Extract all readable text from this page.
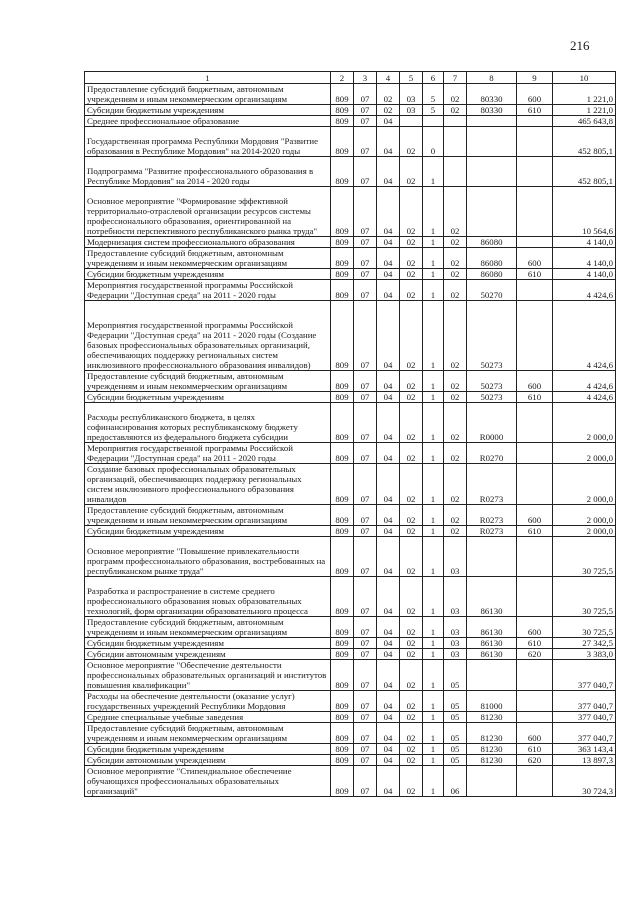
216
1	2	3	4	5	6	7	8	9	10
Предоставление субсидий бюджетным, автономным учреждениям и иным некоммерческим организациям	809	07	02	03	5	02	80330	600	1 221,0
Субсидии бюджетным учреждениям	809	07	02	03	5	02	80330	610	1 221,0
Среднее профессиональное образование	809	07	04						465 643,8
Государственная программа Республики Мордовия "Развитие образования в Республике Мордовия" на 2014-2020 годы	809	07	04	02	0				452 805,1
Подпрограмма "Развитие профессионального образования в Республике Мордовия" на 2014 - 2020 годы	809	07	04	02	1				452 805,1
Основное мероприятие "Формирование эффективной территориально-отраслевой организации ресурсов системы профессионального образования, ориентированной на потребности перспективного республиканского рынка труда"	809	07	04	02	1	02			10 564,6
Модернизация систем профессионального образования	809	07	04	02	1	02	86080		4 140,0
Предоставление субсидий бюджетным, автономным учреждениям и иным некоммерческим организациям	809	07	04	02	1	02	86080	600	4 140,0
Субсидии бюджетным учреждениям	809	07	04	02	1	02	86080	610	4 140,0
Мероприятия государственной программы Российской Федерации "Доступная среда" на 2011 - 2020 годы	809	07	04	02	1	02	50270		4 424,6
Мероприятия государственной программы Российской Федерации "Доступная среда" на 2011 - 2020 годы (Создание базовых профессиональных образовательных организаций, обеспечивающих поддержку региональных систем инклюзивного профессионального образования инвалидов)	809	07	04	02	1	02	50273		4 424,6
Предоставление субсидий бюджетным, автономным учреждениям и иным некоммерческим организациям	809	07	04	02	1	02	50273	600	4 424,6
Субсидии бюджетным учреждениям	809	07	04	02	1	02	50273	610	4 424,6
Расходы республиканского бюджета, в целях софинансирования которых республиканскому бюджету предоставляются из федерального бюджета субсидии	809	07	04	02	1	02	R0000		2 000,0
Мероприятия государственной программы Российской Федерации "Доступная среда" на 2011 - 2020 годы	809	07	04	02	1	02	R0270		2 000,0
Создание базовых профессиональных образовательных организаций, обеспечивающих поддержку региональных систем инклюзивного профессионального образования инвалидов	809	07	04	02	1	02	R0273		2 000,0
Предоставление субсидий бюджетным, автономным учреждениям и иным некоммерческим организациям	809	07	04	02	1	02	R0273	600	2 000,0
Субсидии бюджетным учреждениям	809	07	04	02	1	02	R0273	610	2 000,0
Основное мероприятие "Повышение привлекательности программ профессионального образования, востребованных на республиканском рынке труда"	809	07	04	02	1	03			30 725,5
Разработка и распространение в системе среднего профессионального образования новых образовательных технологий, форм организации образовательного процесса	809	07	04	02	1	03	86130		30 725,5
Предоставление субсидий бюджетным, автономным учреждениям и иным некоммерческим организациям	809	07	04	02	1	03	86130	600	30 725,5
Субсидии бюджетным учреждениям	809	07	04	02	1	03	86130	610	27 342,5
Субсидии автономным учреждениям	809	07	04	02	1	03	86130	620	3 383,0
Основное мероприятие "Обеспечение деятельности профессиональных образовательных организаций и институтов повышения квалификации"	809	07	04	02	1	05			377 040,7
Расходы на обеспечение деятельности (оказание услуг) государственных учреждений Республики Мордовия	809	07	04	02	1	05	81000		377 040,7
Средние специальные учебные заведения	809	07	04	02	1	05	81230		377 040,7
Предоставление субсидий бюджетным, автономным учреждениям и иным некоммерческим организациям	809	07	04	02	1	05	81230	600	377 040,7
Субсидии бюджетным учреждениям	809	07	04	02	1	05	81230	610	363 143,4
Субсидии автономным учреждениям	809	07	04	02	1	05	81230	620	13 897,3
Основное мероприятие "Стипендиальное обеспечение обучающихся профессиональных образовательных организаций"	809	07	04	02	1	06			30 724,3
